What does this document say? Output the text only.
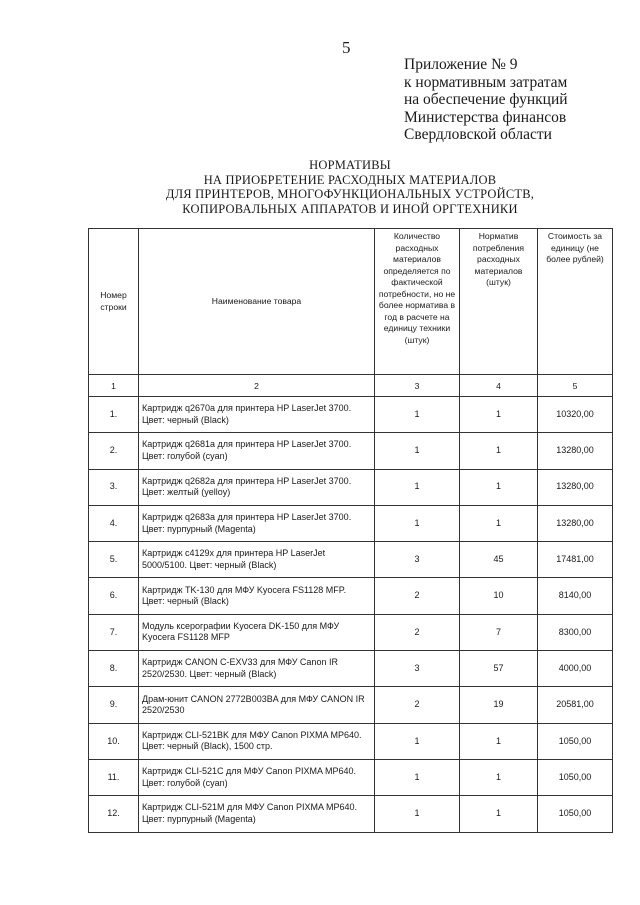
5
Приложение № 9
к нормативным затратам
на обеспечение функций
Министерства финансов
Свердловской области
НОРМАТИВЫ
НА ПРИОБРЕТЕНИЕ РАСХОДНЫХ МАТЕРИАЛОВ
ДЛЯ ПРИНТЕРОВ, МНОГОФУНКЦИОНАЛЬНЫХ УСТРОЙСТВ,
КОПИРОВАЛЬНЫХ АППАРАТОВ И ИНОЙ ОРГТЕХНИКИ
Номер строки	Наименование товара	Количество расходных материалов определяется по фактической потребности, но не более норматива в год в расчете на единицу техники (штук)	Норматив потребления расходных материалов (штук)	Стоимость за единицу (не более рублей)
1	2	3	4	5
1.	Картридж q2670a для принтера HP LaserJet 3700. Цвет: черный (Black)	1	1	10320,00
2.	Картридж q2681a для принтера HP LaserJet 3700. Цвет: голубой (cyan)	1	1	13280,00
3.	Картридж q2682a для принтера HP LaserJet 3700. Цвет: желтый (yelloy)	1	1	13280,00
4.	Картридж q2683a для принтера HP LaserJet 3700. Цвет: пурпурный (Magenta)	1	1	13280,00
5.	Картридж c4129x для принтера HP LaserJet 5000/5100. Цвет: черный (Black)	3	45	17481,00
6.	Картридж TK-130 для МФУ Kyocera FS1128 MFP. Цвет: черный (Black)	2	10	8140,00
7.	Модуль ксерографии Kyocera DK-150 для МФУ Kyocera FS1128 MFP	2	7	8300,00
8.	Картридж CANON C-EXV33 для МФУ Canon IR 2520/2530. Цвет: черный (Black)	3	57	4000,00
9.	Драм-юнит CANON 2772B003BA для МФУ CANON IR 2520/2530	2	19	20581,00
10.	Картридж CLI-521BK для МФУ Canon PIXMA MP640. Цвет: черный (Black), 1500 стр.	1	1	1050,00
11.	Картридж CLI-521C для МФУ Canon PIXMA MP640. Цвет: голубой (cyan)	1	1	1050,00
12.	Картридж CLI-521M для МФУ Canon PIXMA MP640. Цвет: пурпурный (Magenta)	1	1	1050,00
